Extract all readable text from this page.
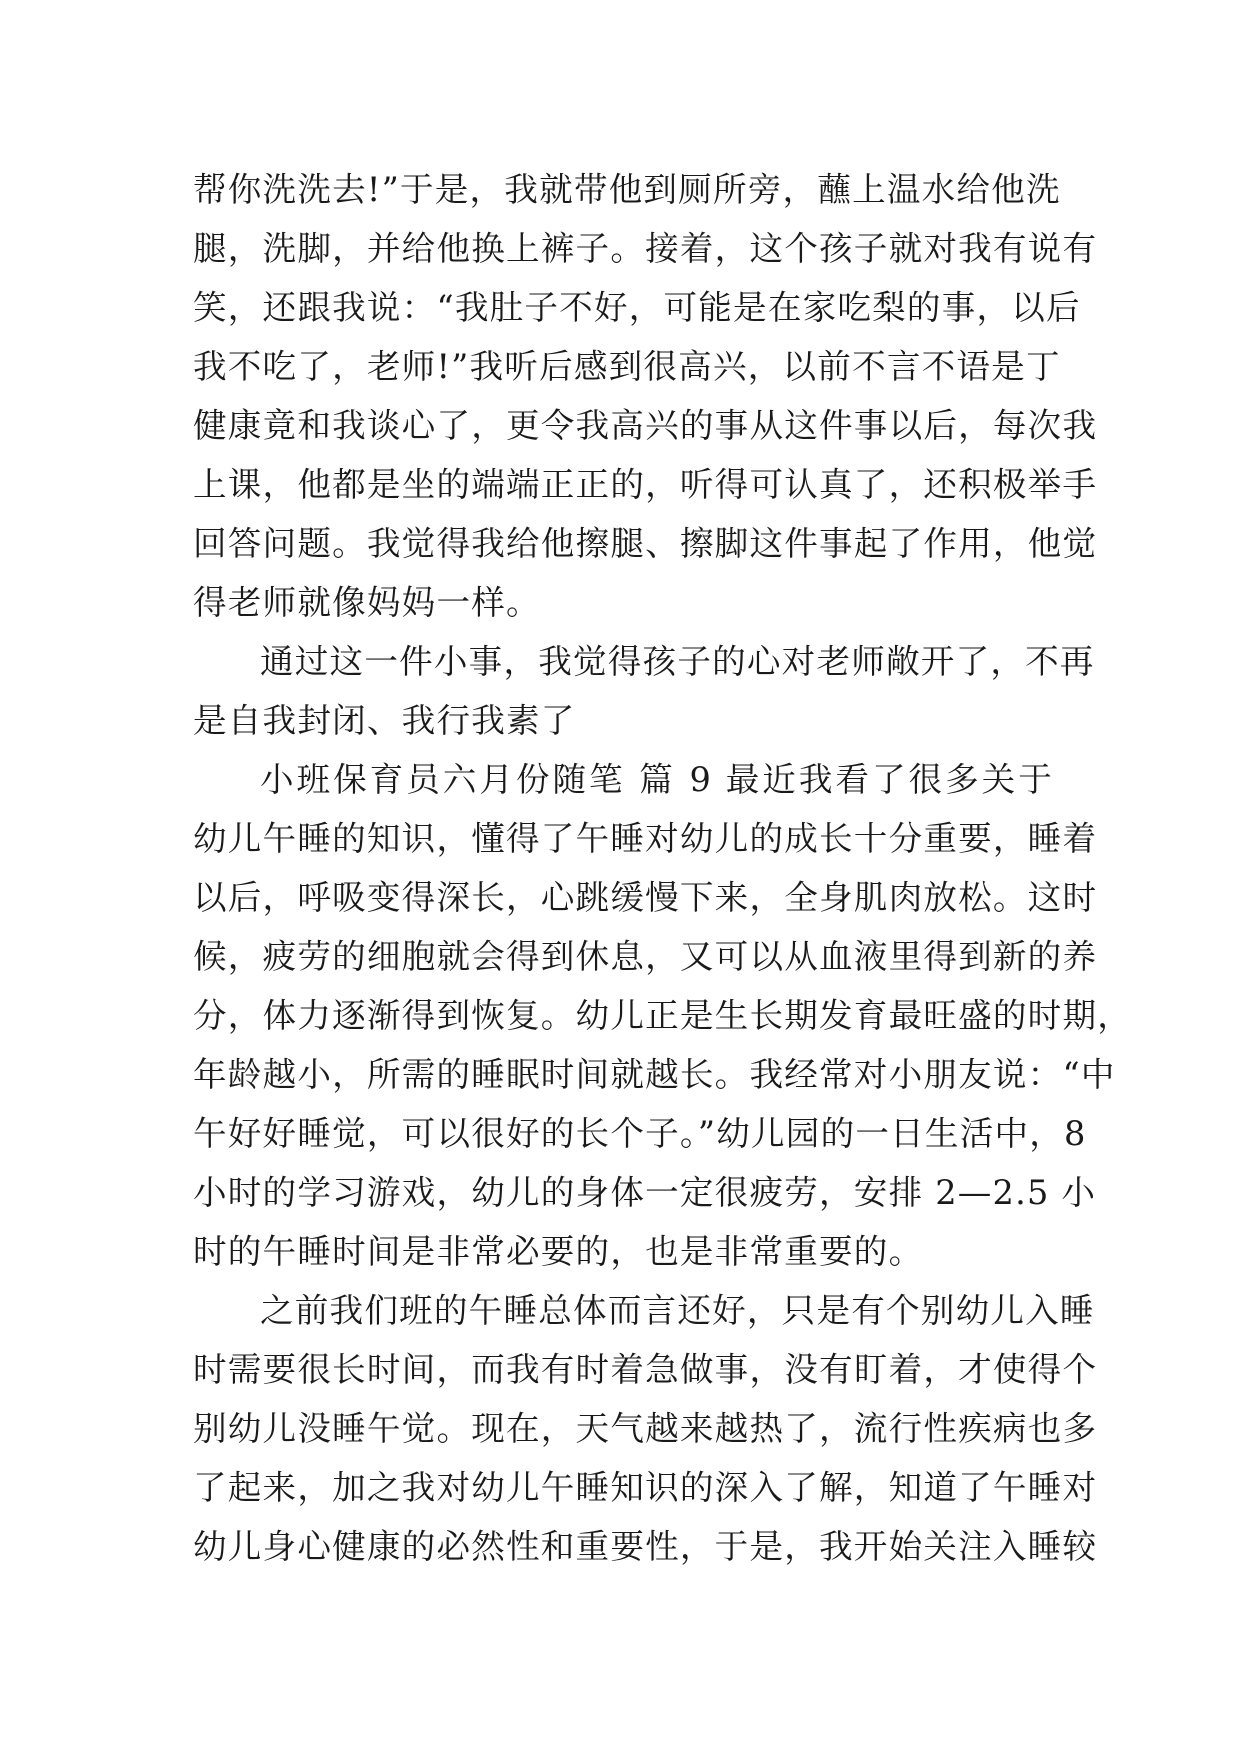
帮你洗洗去!”于是，我就带他到厕所旁，蘸上温水给他洗
腿，洗脚，并给他换上裤子。接着，这个孩子就对我有说有
笑，还跟我说：“我肚子不好，可能是在家吃梨的事，以后
我不吃了，老师!”我听后感到很高兴，以前不言不语是丁
健康竟和我谈心了，更令我高兴的事从这件事以后，每次我
上课，他都是坐的端端正正的，听得可认真了，还积极举手
回答问题。我觉得我给他擦腿、擦脚这件事起了作用，他觉
得老师就像妈妈一样。
通过这一件小事，我觉得孩子的心对老师敞开了，不再
是自我封闭、我行我素了
小班保育员六月份随笔 篇 9 最近我看了很多关于
幼儿午睡的知识，懂得了午睡对幼儿的成长十分重要，睡着
以后，呼吸变得深长，心跳缓慢下来，全身肌肉放松。这时
候，疲劳的细胞就会得到休息，又可以从血液里得到新的养
分，体力逐渐得到恢复。幼儿正是生长期发育最旺盛的时期，
年龄越小，所需的睡眠时间就越长。我经常对小朋友说：“中
午好好睡觉，可以很好的长个子。”幼儿园的一日生活中，8
小时的学习游戏，幼儿的身体一定很疲劳，安排 2—2.5 小
时的午睡时间是非常必要的，也是非常重要的。
之前我们班的午睡总体而言还好，只是有个别幼儿入睡
时需要很长时间，而我有时着急做事，没有盯着，才使得个
别幼儿没睡午觉。现在，天气越来越热了，流行性疾病也多
了起来，加之我对幼儿午睡知识的深入了解，知道了午睡对
幼儿身心健康的必然性和重要性，于是，我开始关注入睡较
